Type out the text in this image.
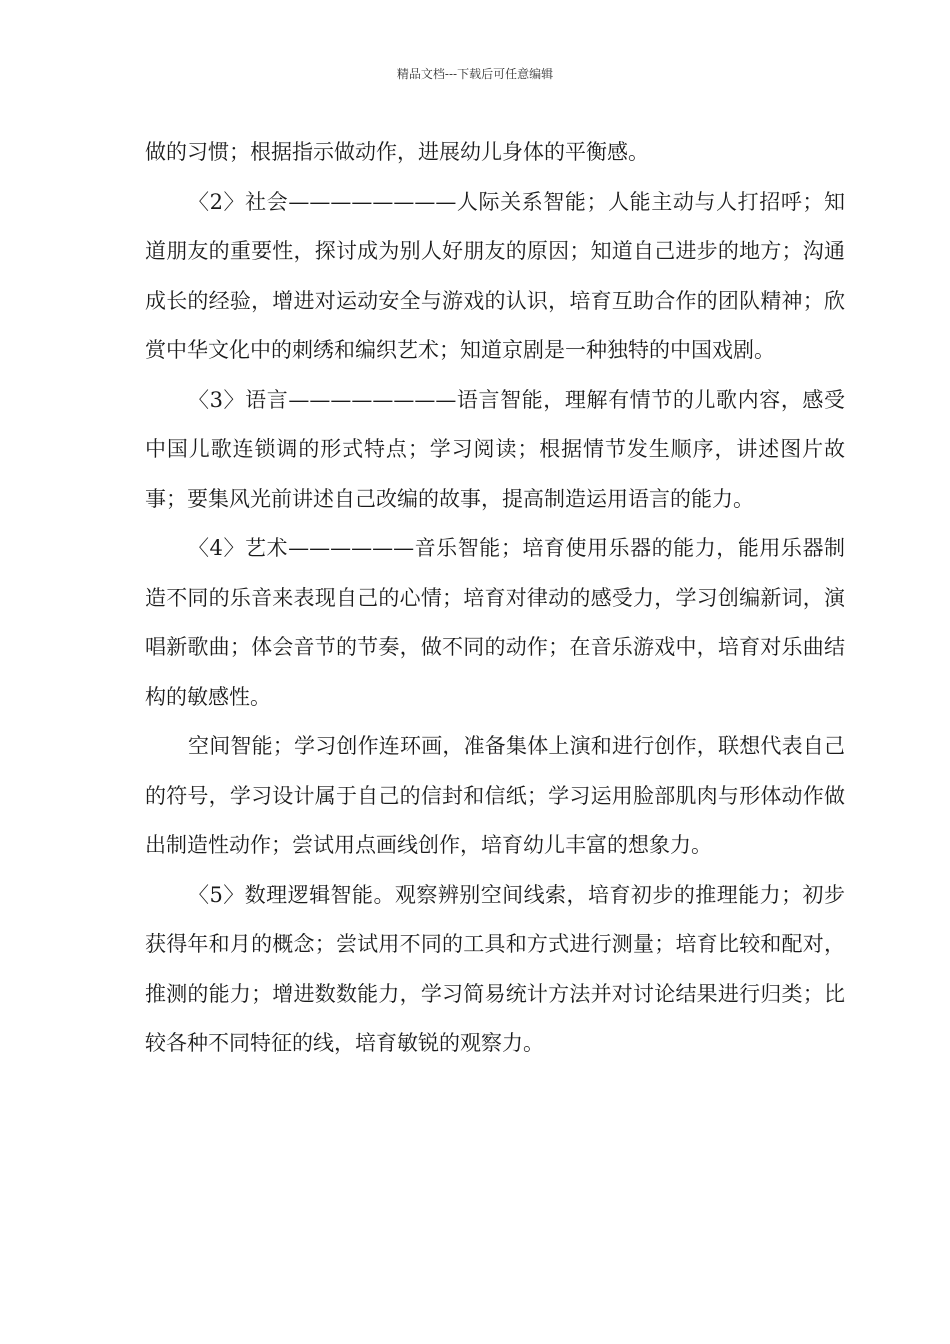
精品文档---下载后可任意编辑

做的习惯；根据指示做动作，进展幼儿身体的平衡感。

〈2〉社会————————人际关系智能；人能主动与人打招呼；知道朋友的重要性，探讨成为别人好朋友的原因；知道自己进步的地方；沟通成长的经验，增进对运动安全与游戏的认识，培育互助合作的团队精神；欣赏中华文化中的刺绣和编织艺术；知道京剧是一种独特的中国戏剧。

〈3〉语言————————语言智能，理解有情节的儿歌内容，感受中国儿歌连锁调的形式特点；学习阅读；根据情节发生顺序，讲述图片故事；要集风光前讲述自己改编的故事，提高制造运用语言的能力。

〈4〉艺术——————音乐智能；培育使用乐器的能力，能用乐器制造不同的乐音来表现自己的心情；培育对律动的感受力，学习创编新词，演唱新歌曲；体会音节的节奏，做不同的动作；在音乐游戏中，培育对乐曲结构的敏感性。

空间智能；学习创作连环画，准备集体上演和进行创作，联想代表自己的符号，学习设计属于自己的信封和信纸；学习运用脸部肌肉与形体动作做出制造性动作；尝试用点画线创作，培育幼儿丰富的想象力。

〈5〉数理逻辑智能。观察辨别空间线索，培育初步的推理能力；初步获得年和月的概念；尝试用不同的工具和方式进行测量；培育比较和配对，推测的能力；增进数数能力，学习简易统计方法并对讨论结果进行归类；比较各种不同特征的线，培育敏锐的观察力。
